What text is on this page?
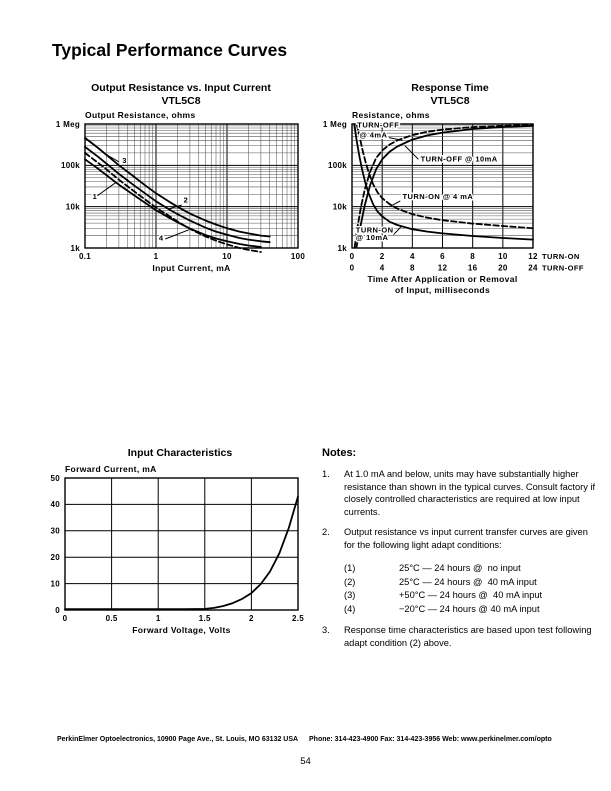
Typical Performance Curves
Output Resistance vs. Input Current
VTL5C8
Output Resistance, ohms
1 Meg
100k
10k
1k
0.1	1	10	100
Input Current, mA
3
1	2
4
Response Time
VTL5C8
Resistance, ohms
1 Meg
100k
10k
1k
0	2	4	6	8	10	12 TURN-ON
0	4	8	12	16	20	24 TURN-OFF
Time After Application or Removal
of Input, milliseconds
TURN-OFF
@ 4mA
TURN-OFF @ 10mA
TURN-ON @ 4 mA
TURN-ON
@ 10mA
Input Characteristics
Forward Current, mA
50
40
30
20
10
0
0	0.5	1	1.5	2	2.5
Forward Voltage, Volts
Notes:
1.	At 1.0 mA and below, units may have substantially higher resistance than shown in the typical curves. Consult factory if closely controlled characteristics are required at low input currents.
2.	Output resistance vs input current transfer curves are given for the following light adapt conditions:
(1)	25°C — 24 hours @  no input
(2)	25°C — 24 hours @  40 mA input
(3)	+50°C — 24 hours @  40 mA input
(4)	−20°C — 24 hours @ 40 mA input
3.	Response time characteristics are based upon test following adapt condition (2) above.
PerkinElmer Optoelectronics, 10900 Page Ave., St. Louis, MO 63132 USA Phone: 314-423-4900 Fax: 314-423-3956 Web: www.perkinelmer.com/opto
54
